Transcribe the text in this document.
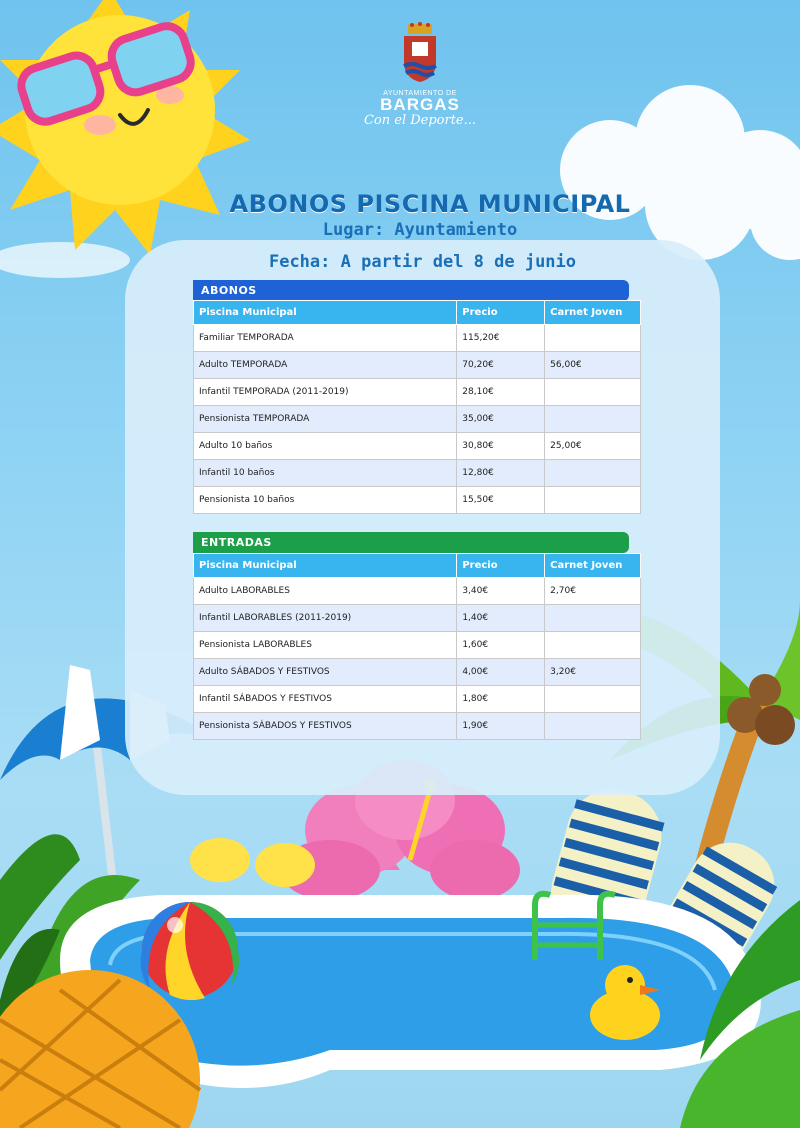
AYUNTAMIENTO DE
BARGAS
Con el Deporte...
ABONOS PISCINA MUNICIPAL
Lugar: Ayuntamiento
Fecha: A partir del 8 de junio
ABONOS
Piscina Municipal	Precio	Carnet Joven
Familiar TEMPORADA	115,20€	
Adulto TEMPORADA	70,20€	56,00€
Infantil TEMPORADA (2011-2019)	28,10€	
Pensionista TEMPORADA	35,00€	
Adulto 10 baños	30,80€	25,00€
Infantil 10 baños	12,80€	
Pensionista 10 baños	15,50€	
ENTRADAS
Piscina Municipal	Precio	Carnet Joven
Adulto LABORABLES	3,40€	2,70€
Infantil LABORABLES (2011-2019)	1,40€	
Pensionista LABORABLES	1,60€	
Adulto SÁBADOS Y FESTIVOS	4,00€	3,20€
Infantil SÁBADOS Y FESTIVOS	1,80€	
Pensionista SÁBADOS Y FESTIVOS	1,90€	
